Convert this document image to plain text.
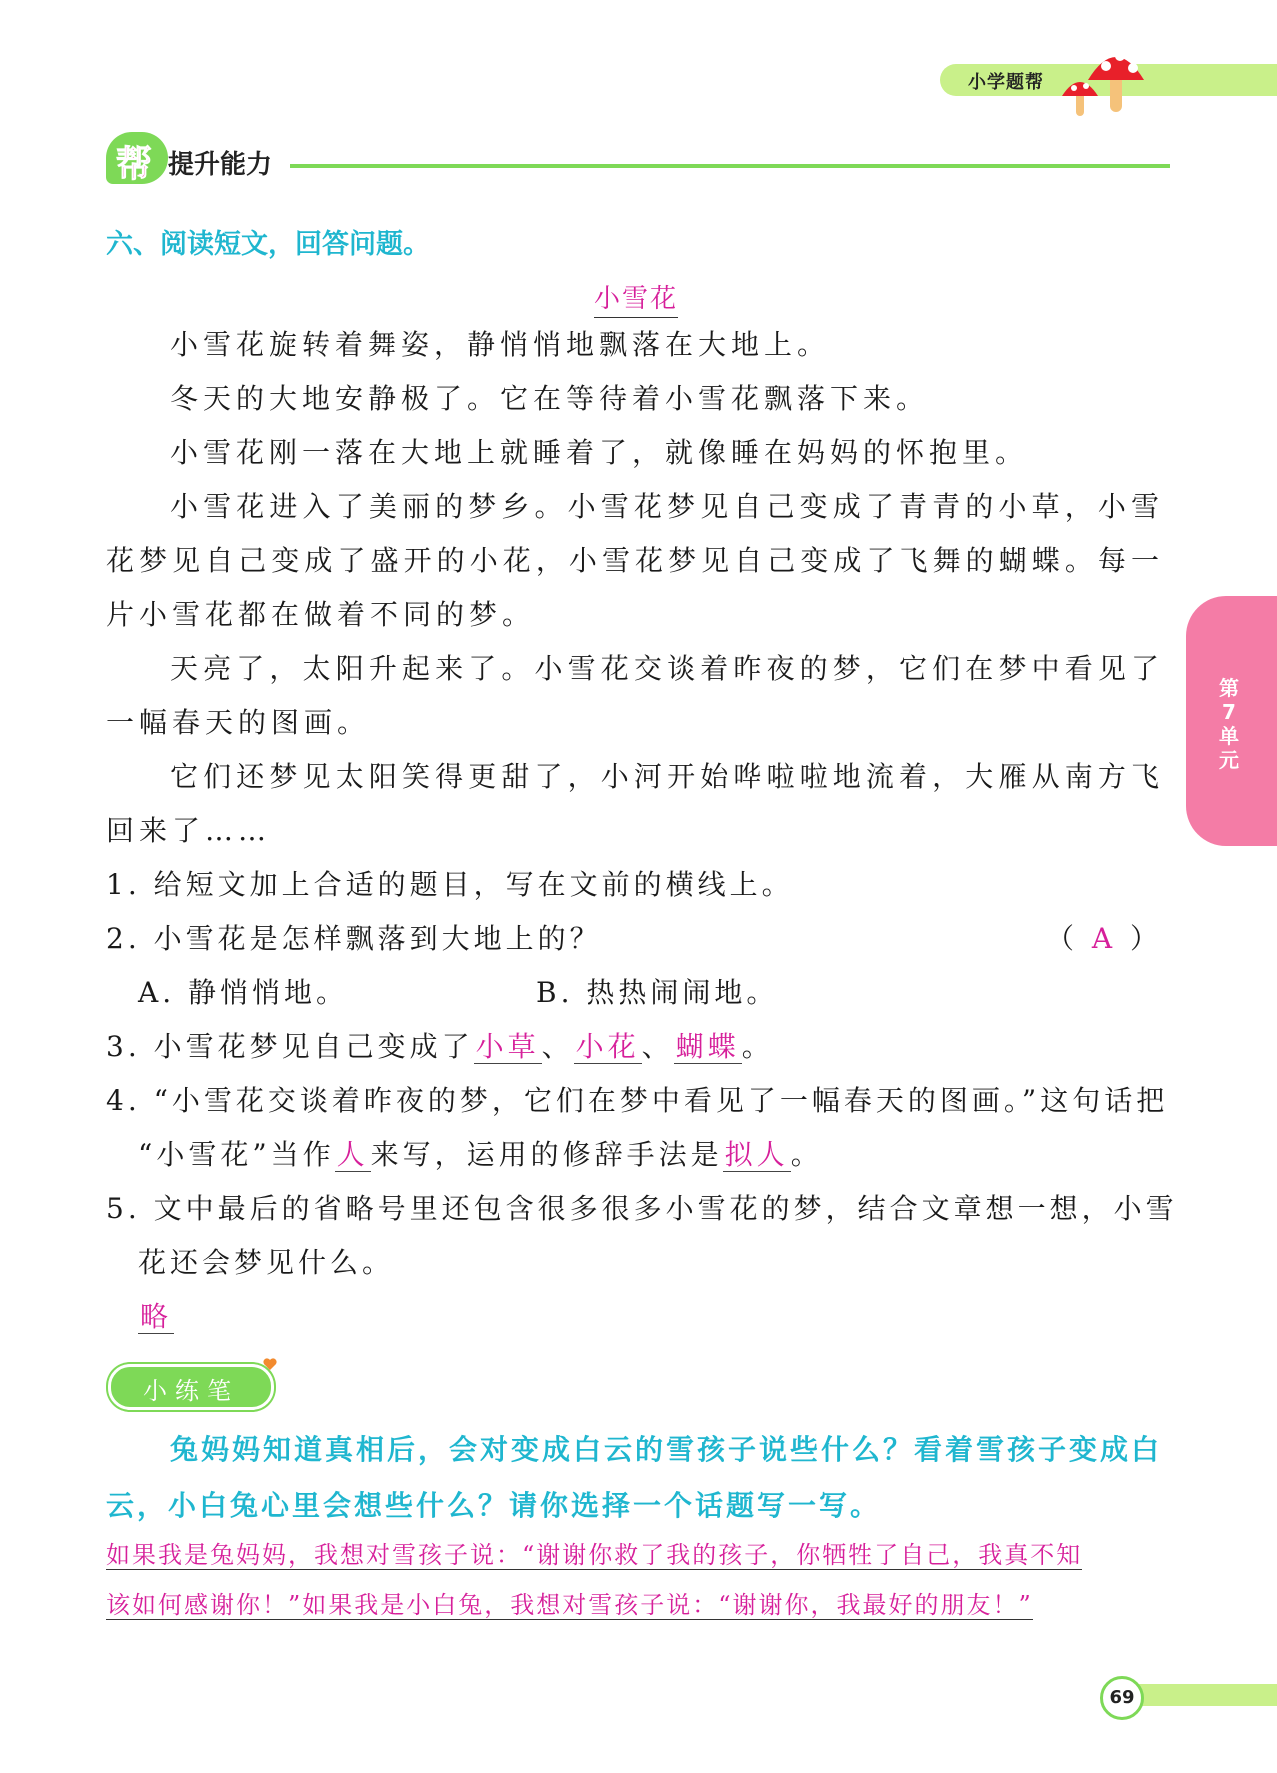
小学题帮
帮 提升能力
第7单元
六、阅读短文，回答问题。
小雪花
小雪花旋转着舞姿，静悄悄地飘落在大地上。
冬天的大地安静极了。它在等待着小雪花飘落下来。
小雪花刚一落在大地上就睡着了，就像睡在妈妈的怀抱里。
小雪花进入了美丽的梦乡。小雪花梦见自己变成了青青的小草，小雪花梦见自己变成了盛开的小花，小雪花梦见自己变成了飞舞的蝴蝶。每一片小雪花都在做着不同的梦。
天亮了，太阳升起来了。小雪花交谈着昨夜的梦，它们在梦中看见了一幅春天的图画。
它们还梦见太阳笑得更甜了，小河开始哗啦啦地流着，大雁从南方飞回来了……
1. 给短文加上合适的题目，写在文前的横线上。
2. 小雪花是怎样飘落到大地上的？	（ A ）
A. 静悄悄地。	B. 热热闹闹地。
3. 小雪花梦见自己变成了小草、小花、蝴蝶。
4. “小雪花交谈着昨夜的梦，它们在梦中看见了一幅春天的图画。”这句话把
“小雪花”当作人来写，运用的修辞手法是拟人。
5. 文中最后的省略号里还包含很多很多小雪花的梦，结合文章想一想，小雪
花还会梦见什么。
略
小练笔
兔妈妈知道真相后，会对变成白云的雪孩子说些什么？看着雪孩子变成白云，小白兔心里会想些什么？请你选择一个话题写一写。
如果我是兔妈妈，我想对雪孩子说：“谢谢你救了我的孩子，你牺牲了自己，我真不知
该如何感谢你！”如果我是小白兔，我想对雪孩子说：“谢谢你，我最好的朋友！”
69
